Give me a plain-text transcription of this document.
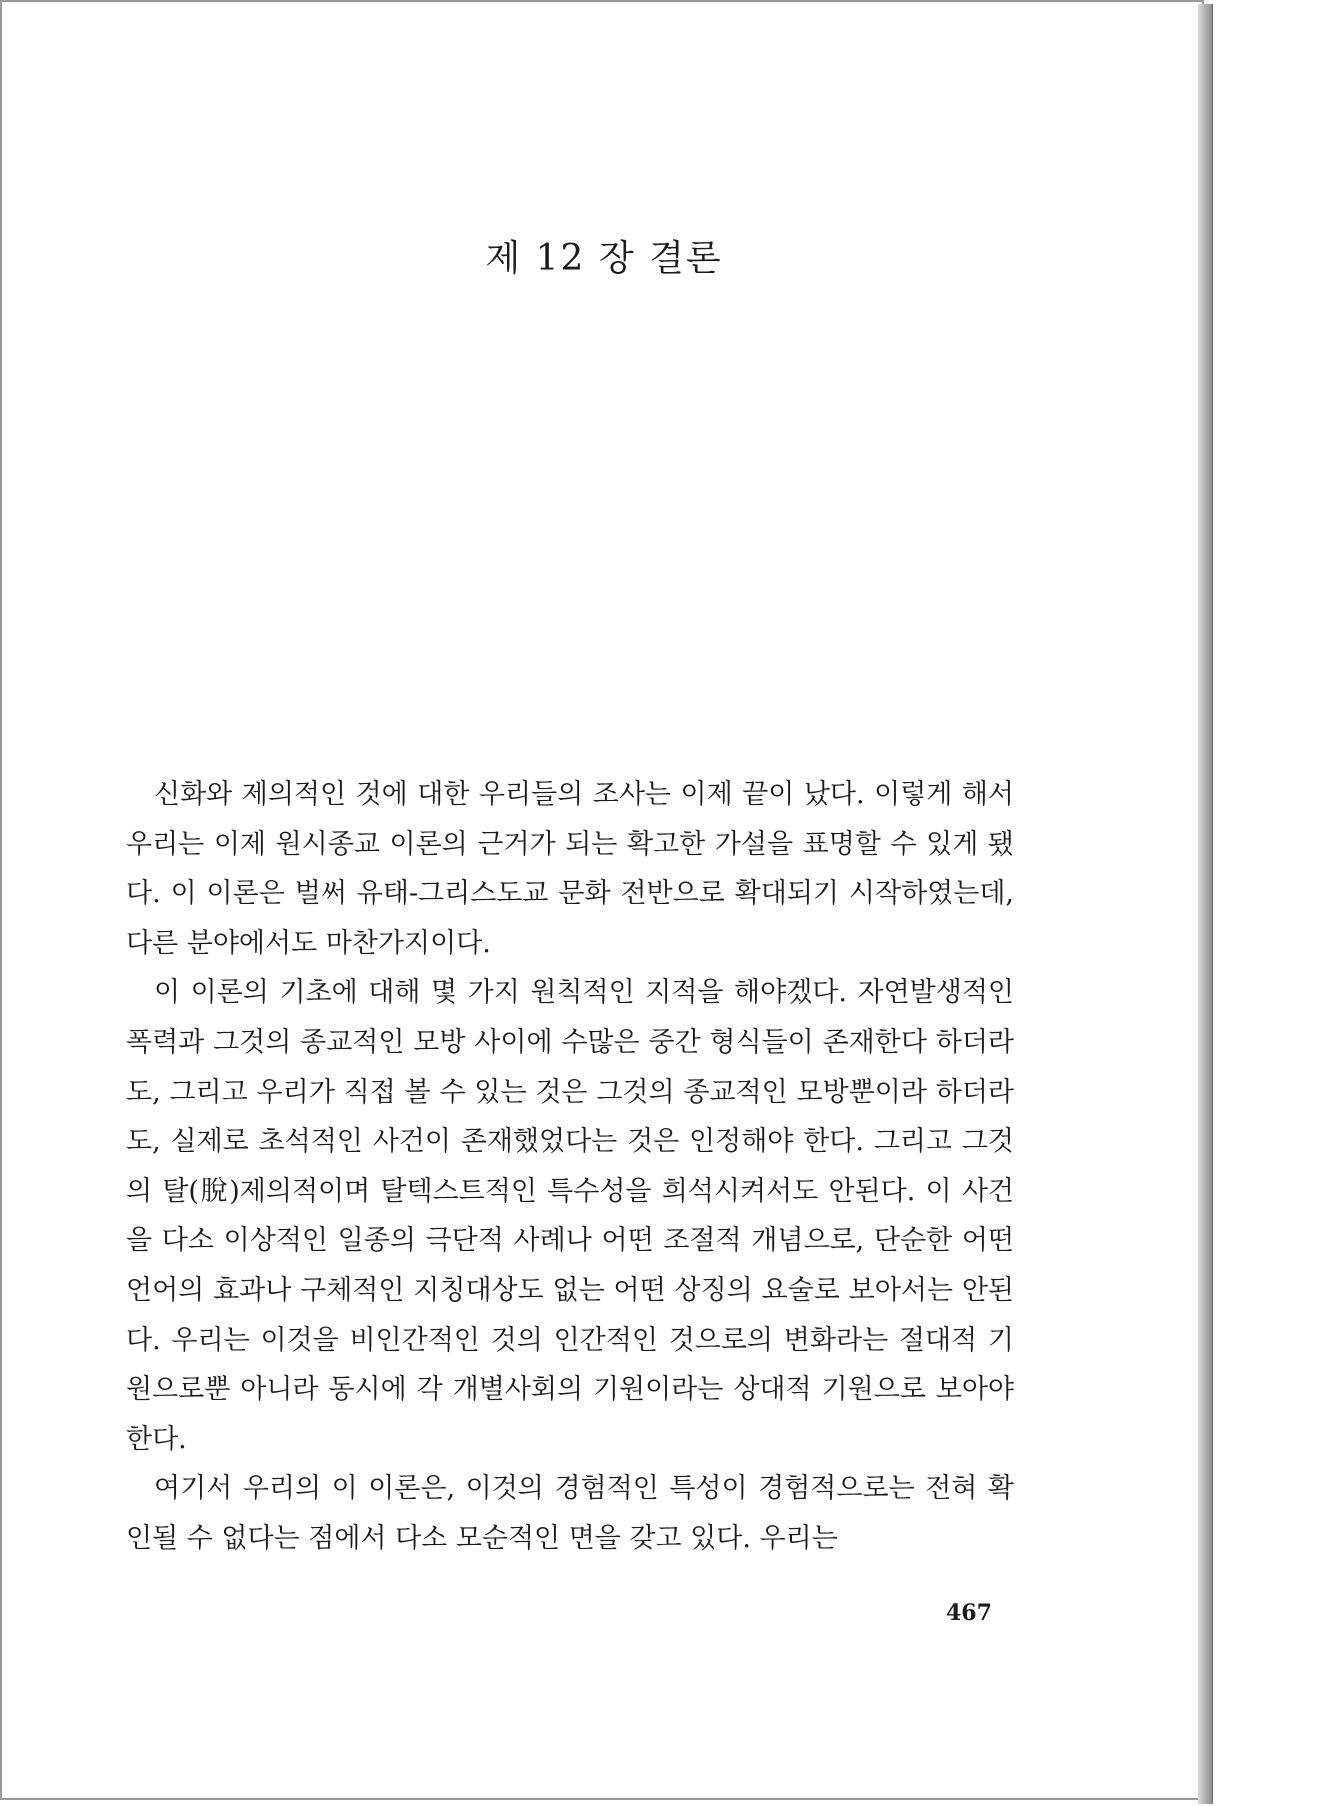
제 12 장 결론

신화와 제의적인 것에 대한 우리들의 조사는 이제 끝이 났다. 이렇게 해서 우리는 이제 원시종교 이론의 근거가 되는 확고한 가설을 표명할 수 있게 됐다. 이 이론은 벌써 유태-그리스도교 문화 전반으로 확대되기 시작하였는데, 다른 분야에서도 마찬가지이다.

이 이론의 기초에 대해 몇 가지 원칙적인 지적을 해야겠다. 자연발생적인 폭력과 그것의 종교적인 모방 사이에 수많은 중간 형식들이 존재한다 하더라도, 그리고 우리가 직접 볼 수 있는 것은 그것의 종교적인 모방뿐이라 하더라도, 실제로 초석적인 사건이 존재했었다는 것은 인정해야 한다. 그리고 그것의 탈(脫)제의적이며 탈텍스트적인 특수성을 희석시켜서도 안된다. 이 사건을 다소 이상적인 일종의 극단적 사례나 어떤 조절적 개념으로, 단순한 어떤 언어의 효과나 구체적인 지칭대상도 없는 어떤 상징의 요술로 보아서는 안된다. 우리는 이것을 비인간적인 것의 인간적인 것으로의 변화라는 절대적 기원으로뿐 아니라 동시에 각 개별사회의 기원이라는 상대적 기원으로 보아야 한다.

여기서 우리의 이 이론은, 이것의 경험적인 특성이 경험적으로는 전혀 확인될 수 없다는 점에서 다소 모순적인 면을 갖고 있다. 우리는

467
